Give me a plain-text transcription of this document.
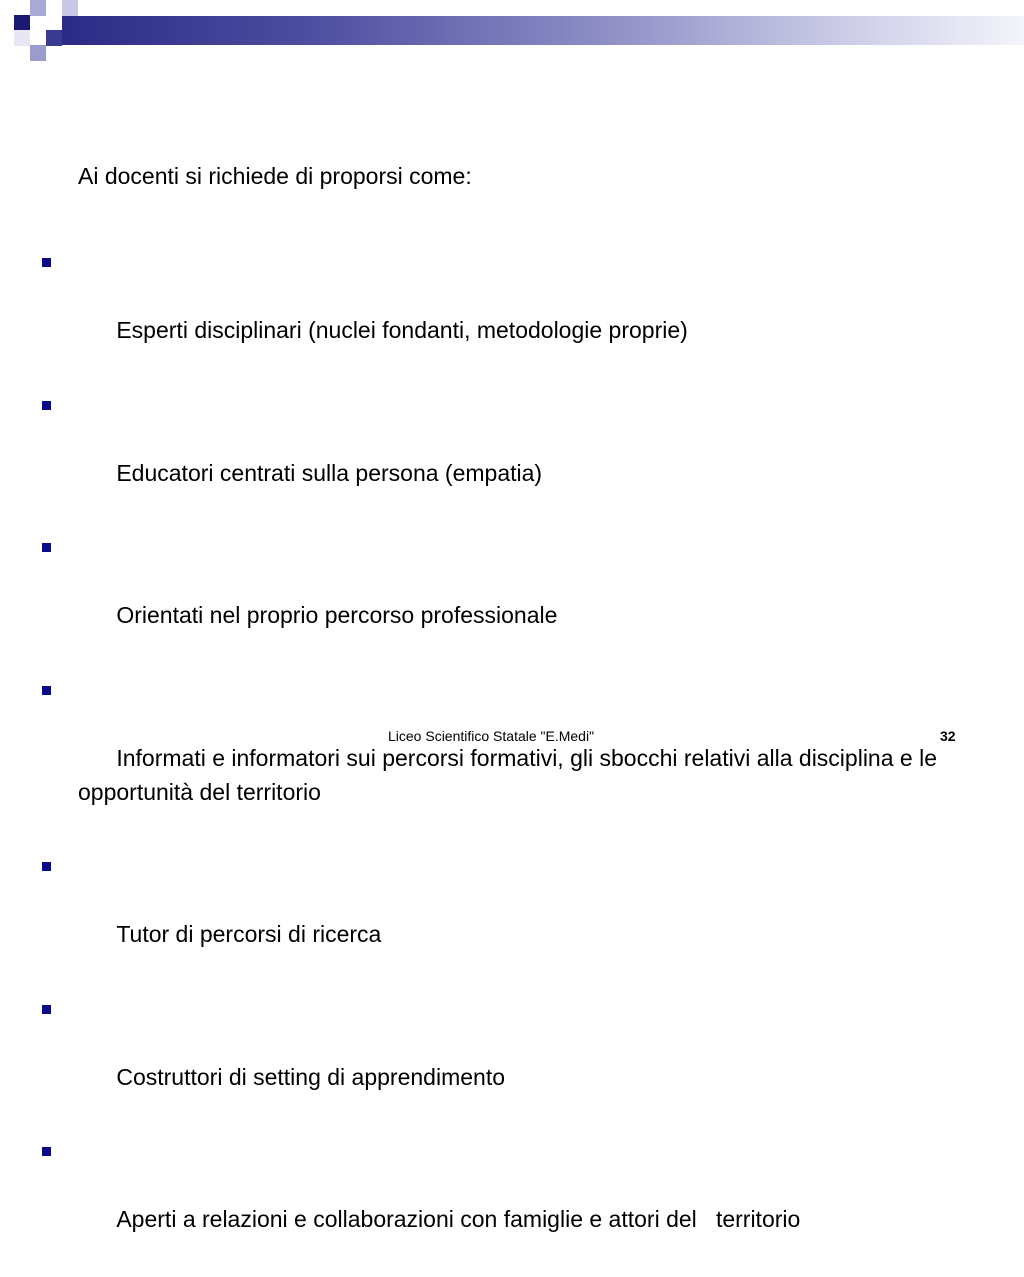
Ai docenti si richiede di proporsi come:

Esperti disciplinari (nuclei fondanti, metodologie proprie)

Educatori centrati sulla persona (empatia)

Orientati nel proprio percorso professionale

Informati e informatori sui percorsi formativi, gli sbocchi relativi alla disciplina e le opportunità del territorio

Tutor di percorsi di ricerca

Costruttori di setting di apprendimento

Aperti a relazioni e collaborazioni con famiglie e attori del   territorio

Liceo Scientifico Statale "E.Medi"	32
